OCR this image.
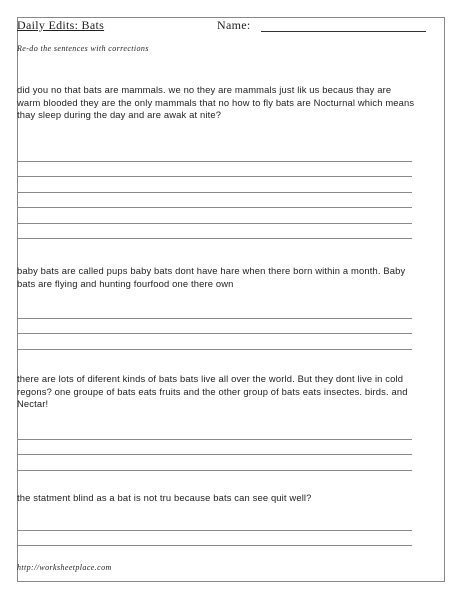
Daily Edits: Bats	Name:
Re-do the sentences with corrections
did you no that bats are mammals. we no they are mammals just lik us becaus thay are warm blooded they are the only mammals that no how to fly bats are Nocturnal which means thay sleep during the day and are awak at nite?
baby bats are called pups baby bats dont have hare when there born within a month. Baby bats are flying and hunting fourfood one there own
there are lots of diferent kinds of bats bats live all over the world. But they dont live in cold regons? one groupe of bats eats fruits and the other group of bats eats insectes. birds. and Nectar!
the statment blind as a bat is not tru because bats can see quit well?
http://worksheetplace.com
